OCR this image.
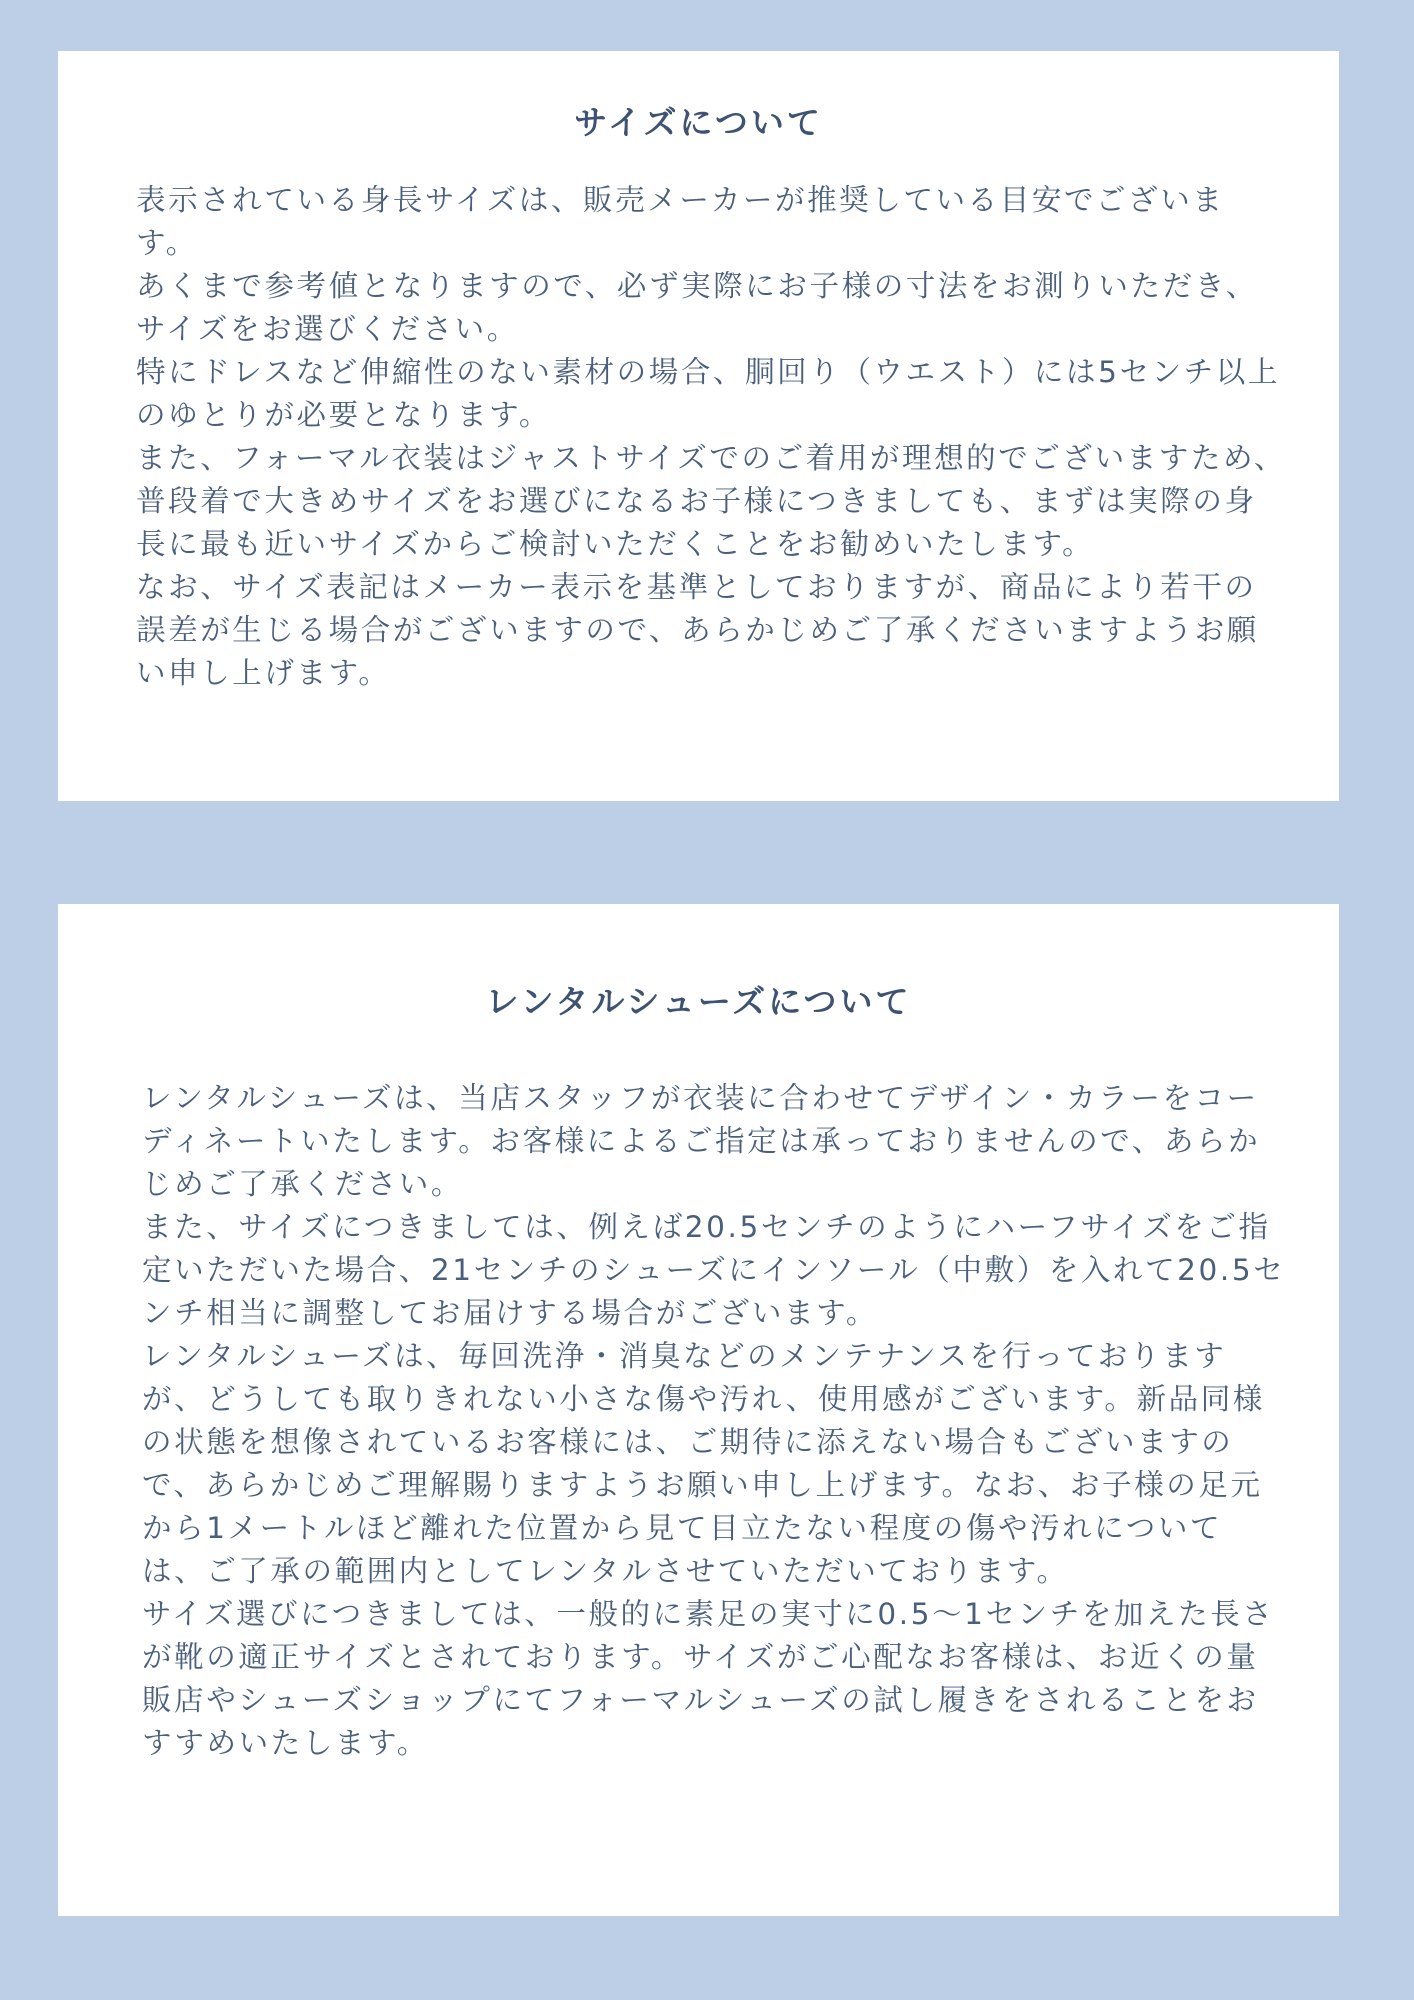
サイズについて

表示されている身長サイズは、販売メーカーが推奨している目安でございます。

あくまで参考値となりますので、必ず実際にお子様の寸法をお測りいただき、サイズをお選びください。

特にドレスなど伸縮性のない素材の場合、胴回り（ウエスト）には5センチ以上のゆとりが必要となります。

また、フォーマル衣装はジャストサイズでのご着用が理想的でございますため、普段着で大きめサイズをお選びになるお子様につきましても、まずは実際の身長に最も近いサイズからご検討いただくことをお勧めいたします。

なお、サイズ表記はメーカー表示を基準としておりますが、商品により若干の誤差が生じる場合がございますので、あらかじめご了承くださいますようお願い申し上げます。

レンタルシューズについて

レンタルシューズは、当店スタッフが衣装に合わせてデザイン・カラーをコーディネートいたします。お客様によるご指定は承っておりませんので、あらかじめご了承ください。

また、サイズにつきましては、例えば20.5センチのようにハーフサイズをご指定いただいた場合、21センチのシューズにインソール（中敷）を入れて20.5センチ相当に調整してお届けする場合がございます。

レンタルシューズは、毎回洗浄・消臭などのメンテナンスを行っておりますが、どうしても取りきれない小さな傷や汚れ、使用感がございます。新品同様の状態を想像されているお客様には、ご期待に添えない場合もございますので、あらかじめご理解賜りますようお願い申し上げます。なお、お子様の足元から1メートルほど離れた位置から見て目立たない程度の傷や汚れについては、ご了承の範囲内としてレンタルさせていただいております。

サイズ選びにつきましては、一般的に素足の実寸に0.5〜1センチを加えた長さが靴の適正サイズとされております。サイズがご心配なお客様は、お近くの量販店やシューズショップにてフォーマルシューズの試し履きをされることをおすすめいたします。
